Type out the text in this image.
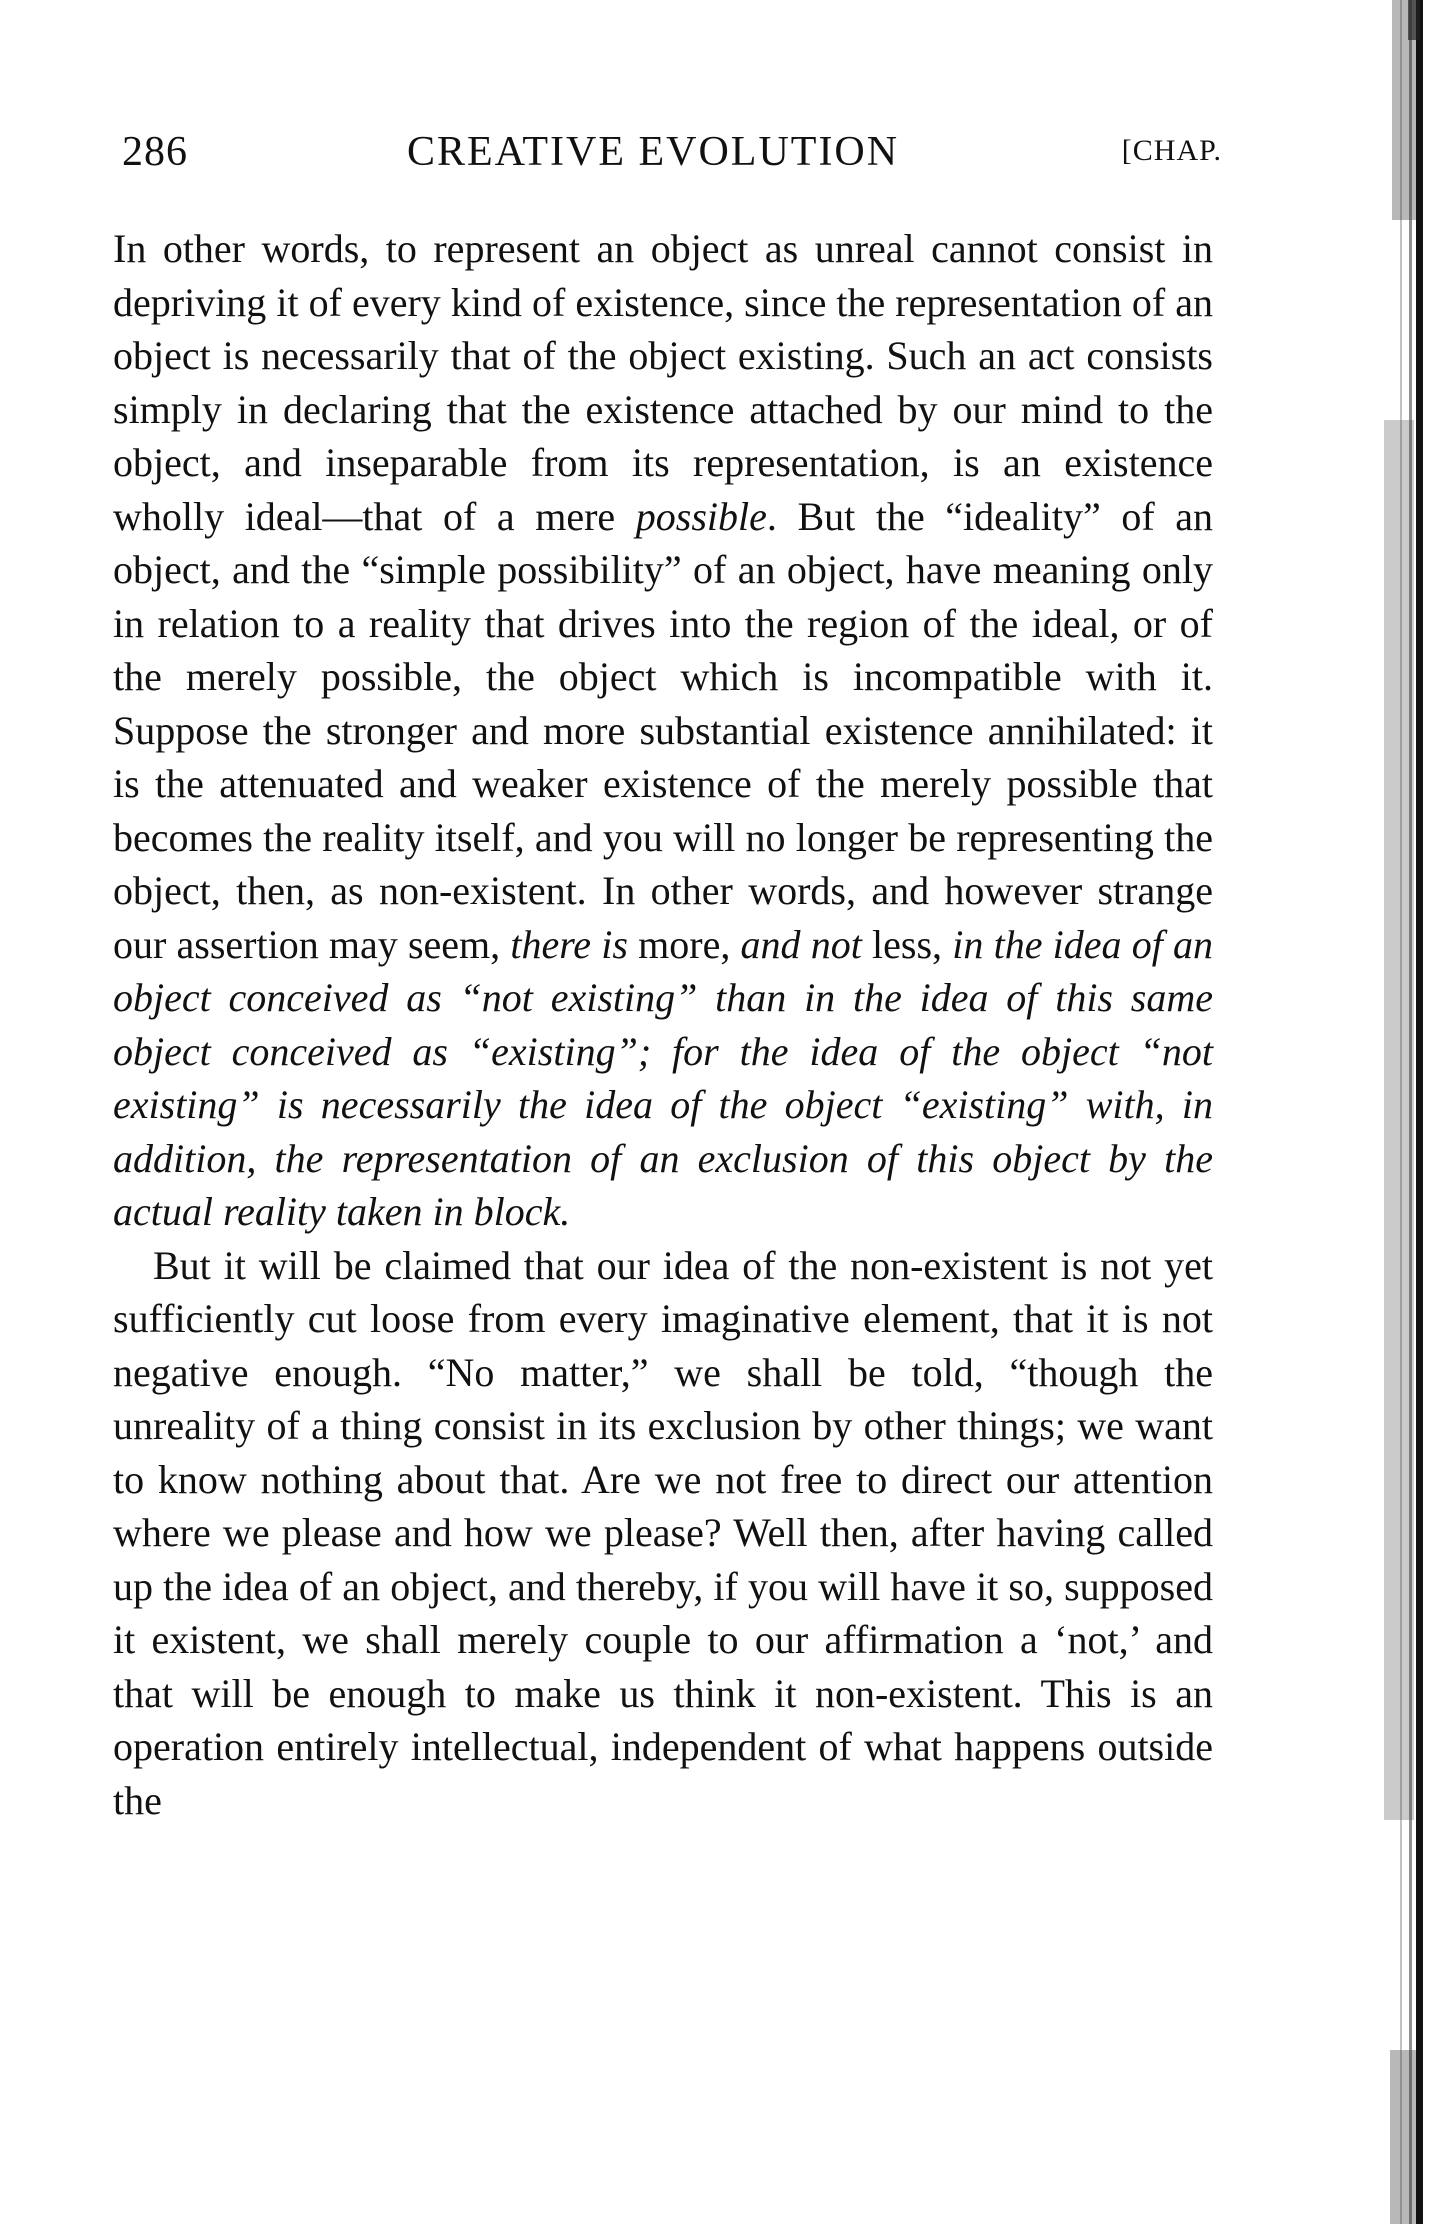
286	CREATIVE EVOLUTION	[CHAP.

In other words, to represent an object as unreal cannot consist in depriving it of every kind of existence, since the representation of an object is necessarily that of the object existing. Such an act consists simply in declaring that the existence attached by our mind to the object, and inseparable from its representation, is an existence wholly ideal—that of a mere possible. But the “ideality” of an object, and the “simple possibility” of an object, have meaning only in relation to a reality that drives into the region of the ideal, or of the merely possible, the object which is incompatible with it. Suppose the stronger and more substantial existence annihilated: it is the attenuated and weaker existence of the merely possible that becomes the reality itself, and you will no longer be representing the object, then, as non-existent. In other words, and however strange our assertion may seem, there is more, and not less, in the idea of an object conceived as “not existing” than in the idea of this same object conceived as “existing”; for the idea of the object “not existing” is necessarily the idea of the object “existing” with, in addition, the representation of an exclusion of this object by the actual reality taken in block.

But it will be claimed that our idea of the non-existent is not yet sufficiently cut loose from every imaginative element, that it is not negative enough. “No matter,” we shall be told, “though the unreality of a thing consist in its exclusion by other things; we want to know nothing about that. Are we not free to direct our attention where we please and how we please? Well then, after having called up the idea of an object, and thereby, if you will have it so, supposed it existent, we shall merely couple to our affirmation a ‘not,’ and that will be enough to make us think it non-existent. This is an operation entirely intellectual, independent of what happens outside the
